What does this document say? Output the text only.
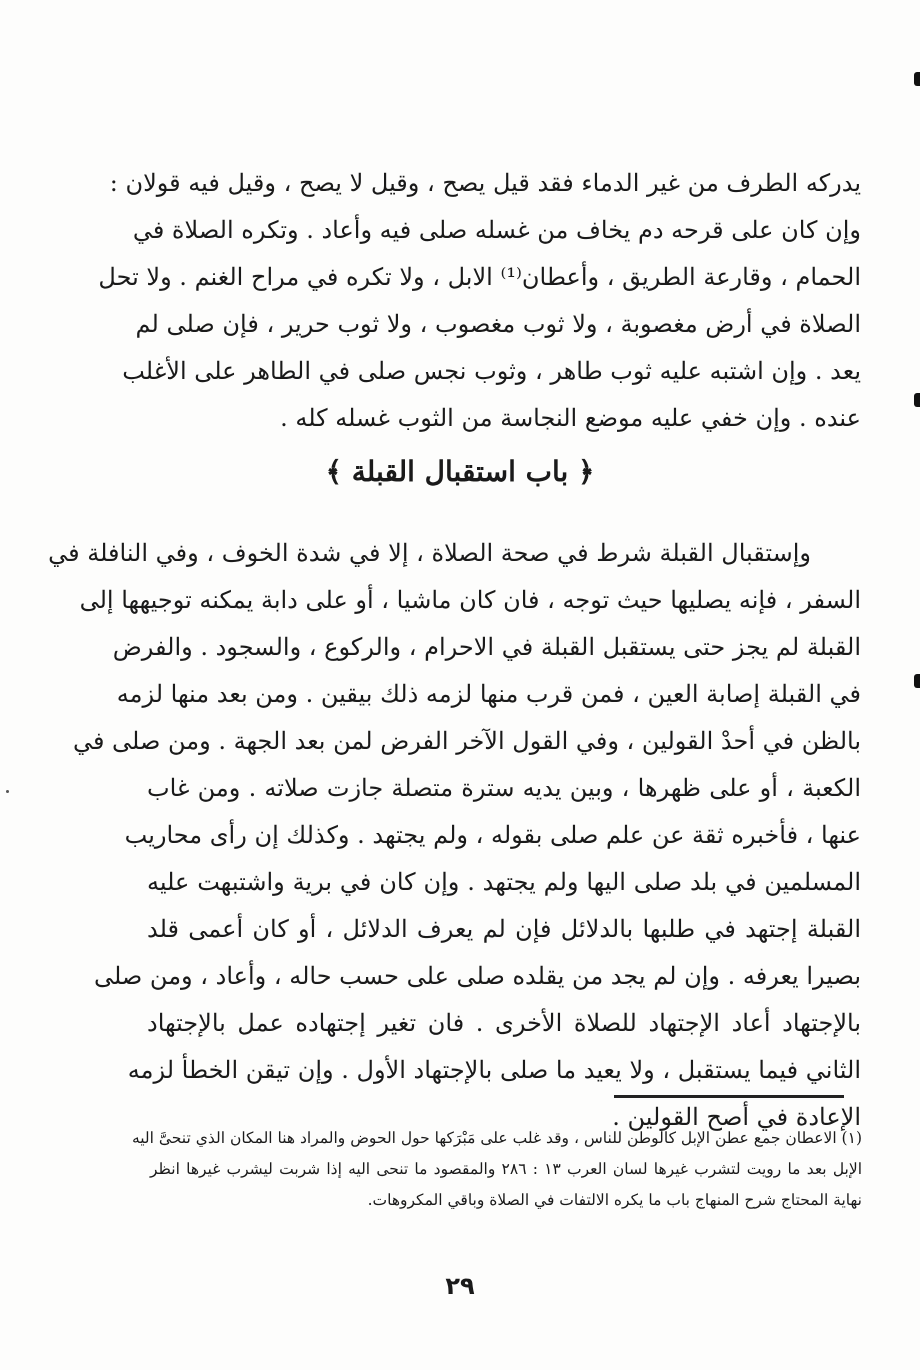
يدركه الطرف من غير الدماء فقد قيل يصح ، وقيل لا يصح ، وقيل فيه قولان :
وإن كان على قرحه دم يخاف من غسله صلى فيه وأعاد . وتكره الصلاة في
الحمام ، وقارعة الطريق ، وأعطان⁽¹⁾ الابل ، ولا تكره في مراح الغنم . ولا تحل
الصلاة في أرض مغصوبة ، ولا ثوب مغصوب ، ولا ثوب حرير ، فإن صلى لم
يعد . وإن اشتبه عليه ثوب طاهر ، وثوب نجس صلى في الطاهر على الأغلب
عنده . وإن خفي عليه موضع النجاسة من الثوب غسله كله .

﴿ باب استقبال القبلة ﴾

وإستقبال القبلة شرط في صحة الصلاة ، إلا في شدة الخوف ، وفي النافلة في
السفر ، فإنه يصليها حيث توجه ، فان كان ماشيا ، أو على دابة يمكنه توجيهها إلى
القبلة لم يجز حتى يستقبل القبلة في الاحرام ، والركوع ، والسجود . والفرض
في القبلة إصابة العين ، فمن قرب منها لزمه ذلك بيقين . ومن بعد منها لزمه
بالظن في أحدْ القولين ، وفي القول الآخر الفرض لمن بعد الجهة . ومن صلى في
الكعبة ، أو على ظهرها ، وبين يديه سترة متصلة جازت صلاته . ومن غاب
عنها ، فأخبره ثقة عن علم صلى بقوله ، ولم يجتهد . وكذلك إن رأى محاريب
المسلمين في بلد صلى اليها ولم يجتهد . وإن كان في برية واشتبهت عليه
القبلة إجتهد في طلبها بالدلائل فإن لم يعرف الدلائل ، أو كان أعمى قلد
بصيرا يعرفه . وإن لم يجد من يقلده صلى على حسب حاله ، وأعاد ، ومن صلى
بالإجتهاد أعاد الإجتهاد للصلاة الأخرى . فان تغير إجتهاده عمل بالإجتهاد
الثاني فيما يستقبل ، ولا يعيد ما صلى بالإجتهاد الأول . وإن تيقن الخطأ لزمه
الإعادة في أصح القولين .

(١) الاعطان جمع عطن الإبل كالوطن للناس ، وقد غلب على مَبْرَكها حول الحوض والمراد هنا المكان الذي تنحىَّ اليه
الإبل بعد ما رويت لتشرب غيرها لسان العرب ١٣ : ٢٨٦ والمقصود ما تنحى اليه إذا شربت ليشرب غيرها انظر
نهاية المحتاج شرح المنهاج باب ما يكره الالتفات في الصلاة وباقي المكروهات.
٢٩
